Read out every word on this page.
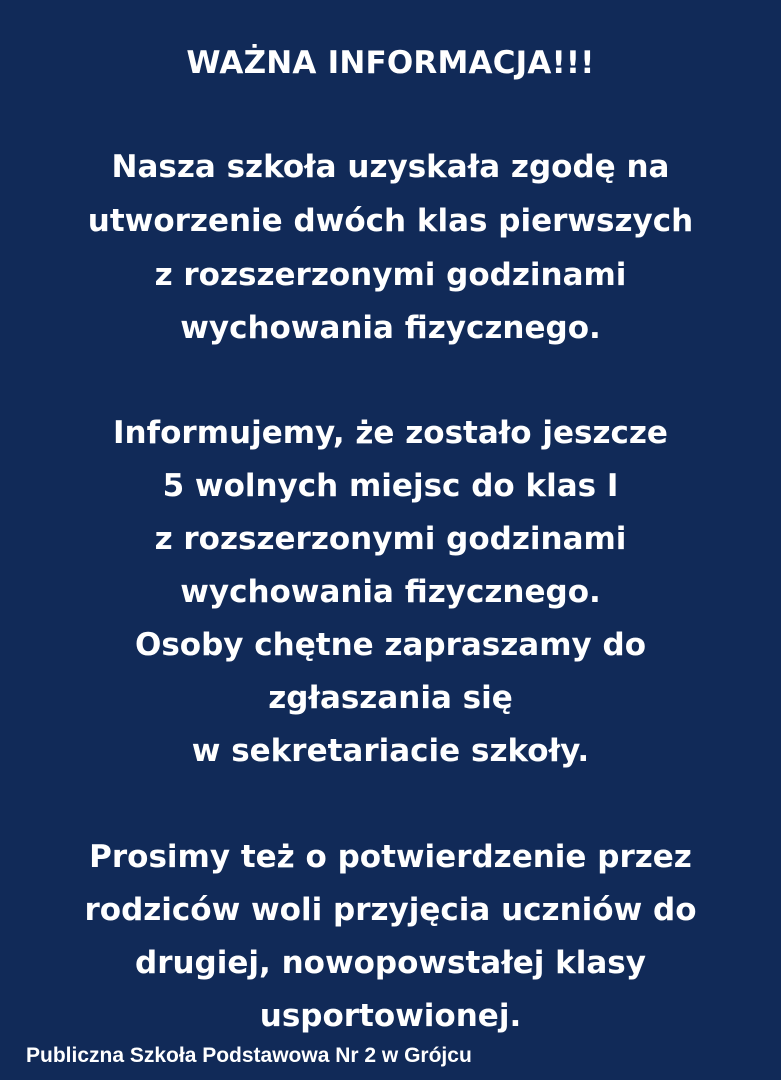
WAŻNA INFORMACJA!!!
Nasza szkoła uzyskała zgodę na
utworzenie dwóch klas pierwszych
z rozszerzonymi godzinami
wychowania fizycznego.
Informujemy, że zostało jeszcze
5 wolnych miejsc do klas I
z rozszerzonymi godzinami
wychowania fizycznego.
Osoby chętne zapraszamy do
zgłaszania się
w sekretariacie szkoły.
Prosimy też o potwierdzenie przez
rodziców woli przyjęcia uczniów do
drugiej, nowopowstałej klasy
usportowionej.
Publiczna Szkoła Podstawowa Nr 2 w Grójcu
